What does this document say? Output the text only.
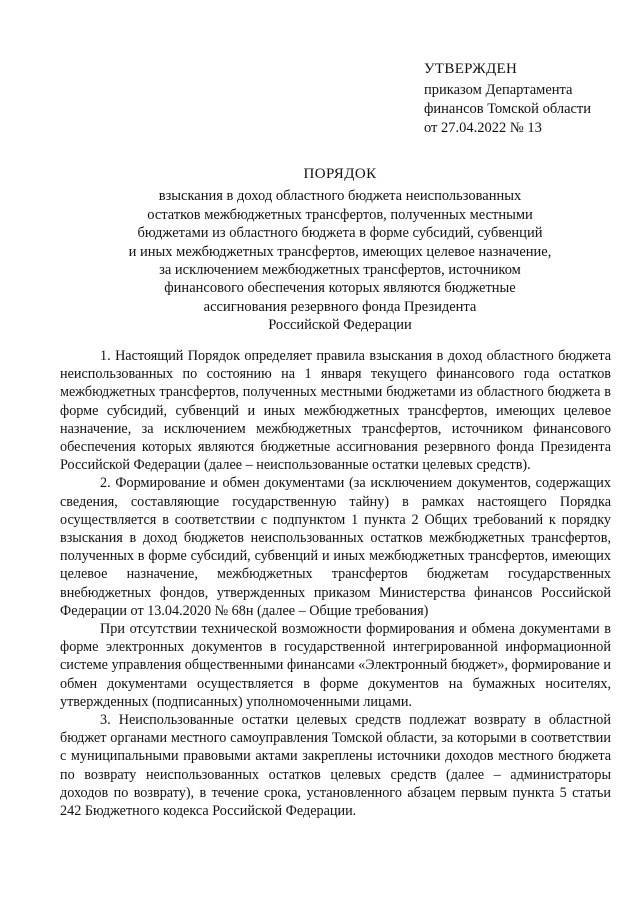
УТВЕРЖДЕН
приказом Департамента
финансов Томской области
от 27.04.2022 № 13
ПОРЯДОК
взыскания в доход областного бюджета неиспользованных
остатков межбюджетных трансфертов, полученных местными
бюджетами из областного бюджета в форме субсидий, субвенций
и иных межбюджетных трансфертов, имеющих целевое назначение,
за исключением межбюджетных трансфертов, источником
финансового обеспечения которых являются бюджетные
ассигнования резервного фонда Президента
Российской Федерации

1. Настоящий Порядок определяет правила взыскания в доход областного бюджета неиспользованных по состоянию на 1 января текущего финансового года остатков межбюджетных трансфертов, полученных местными бюджетами из областного бюджета в форме субсидий, субвенций и иных межбюджетных трансфертов, имеющих целевое назначение, за исключением межбюджетных трансфертов, источником финансового обеспечения которых являются бюджетные ассигнования резервного фонда Президента Российской Федерации (далее – неиспользованные остатки целевых средств).

2. Формирование и обмен документами (за исключением документов, содержащих сведения, составляющие государственную тайну) в рамках настоящего Порядка осуществляется в соответствии с подпунктом 1 пункта 2 Общих требований к порядку взыскания в доход бюджетов неиспользованных остатков межбюджетных трансфертов, полученных в форме субсидий, субвенций и иных межбюджетных трансфертов, имеющих целевое назначение, межбюджетных трансфертов бюджетам государственных внебюджетных фондов, утвержденных приказом Министерства финансов Российской Федерации от 13.04.2020 № 68н (далее – Общие требования)

При отсутствии технической возможности формирования и обмена документами в форме электронных документов в государственной интегрированной информационной системе управления общественными финансами «Электронный бюджет», формирование и обмен документами осуществляется в форме документов на бумажных носителях, утвержденных (подписанных) уполномоченными лицами.

3. Неиспользованные остатки целевых средств подлежат возврату в областной бюджет органами местного самоуправления Томской области, за которыми в соответствии с муниципальными правовыми актами закреплены источники доходов местного бюджета по возврату неиспользованных остатков целевых средств (далее – администраторы доходов по возврату), в течение срока, установленного абзацем первым пункта 5 статьи 242 Бюджетного кодекса Российской Федерации.
